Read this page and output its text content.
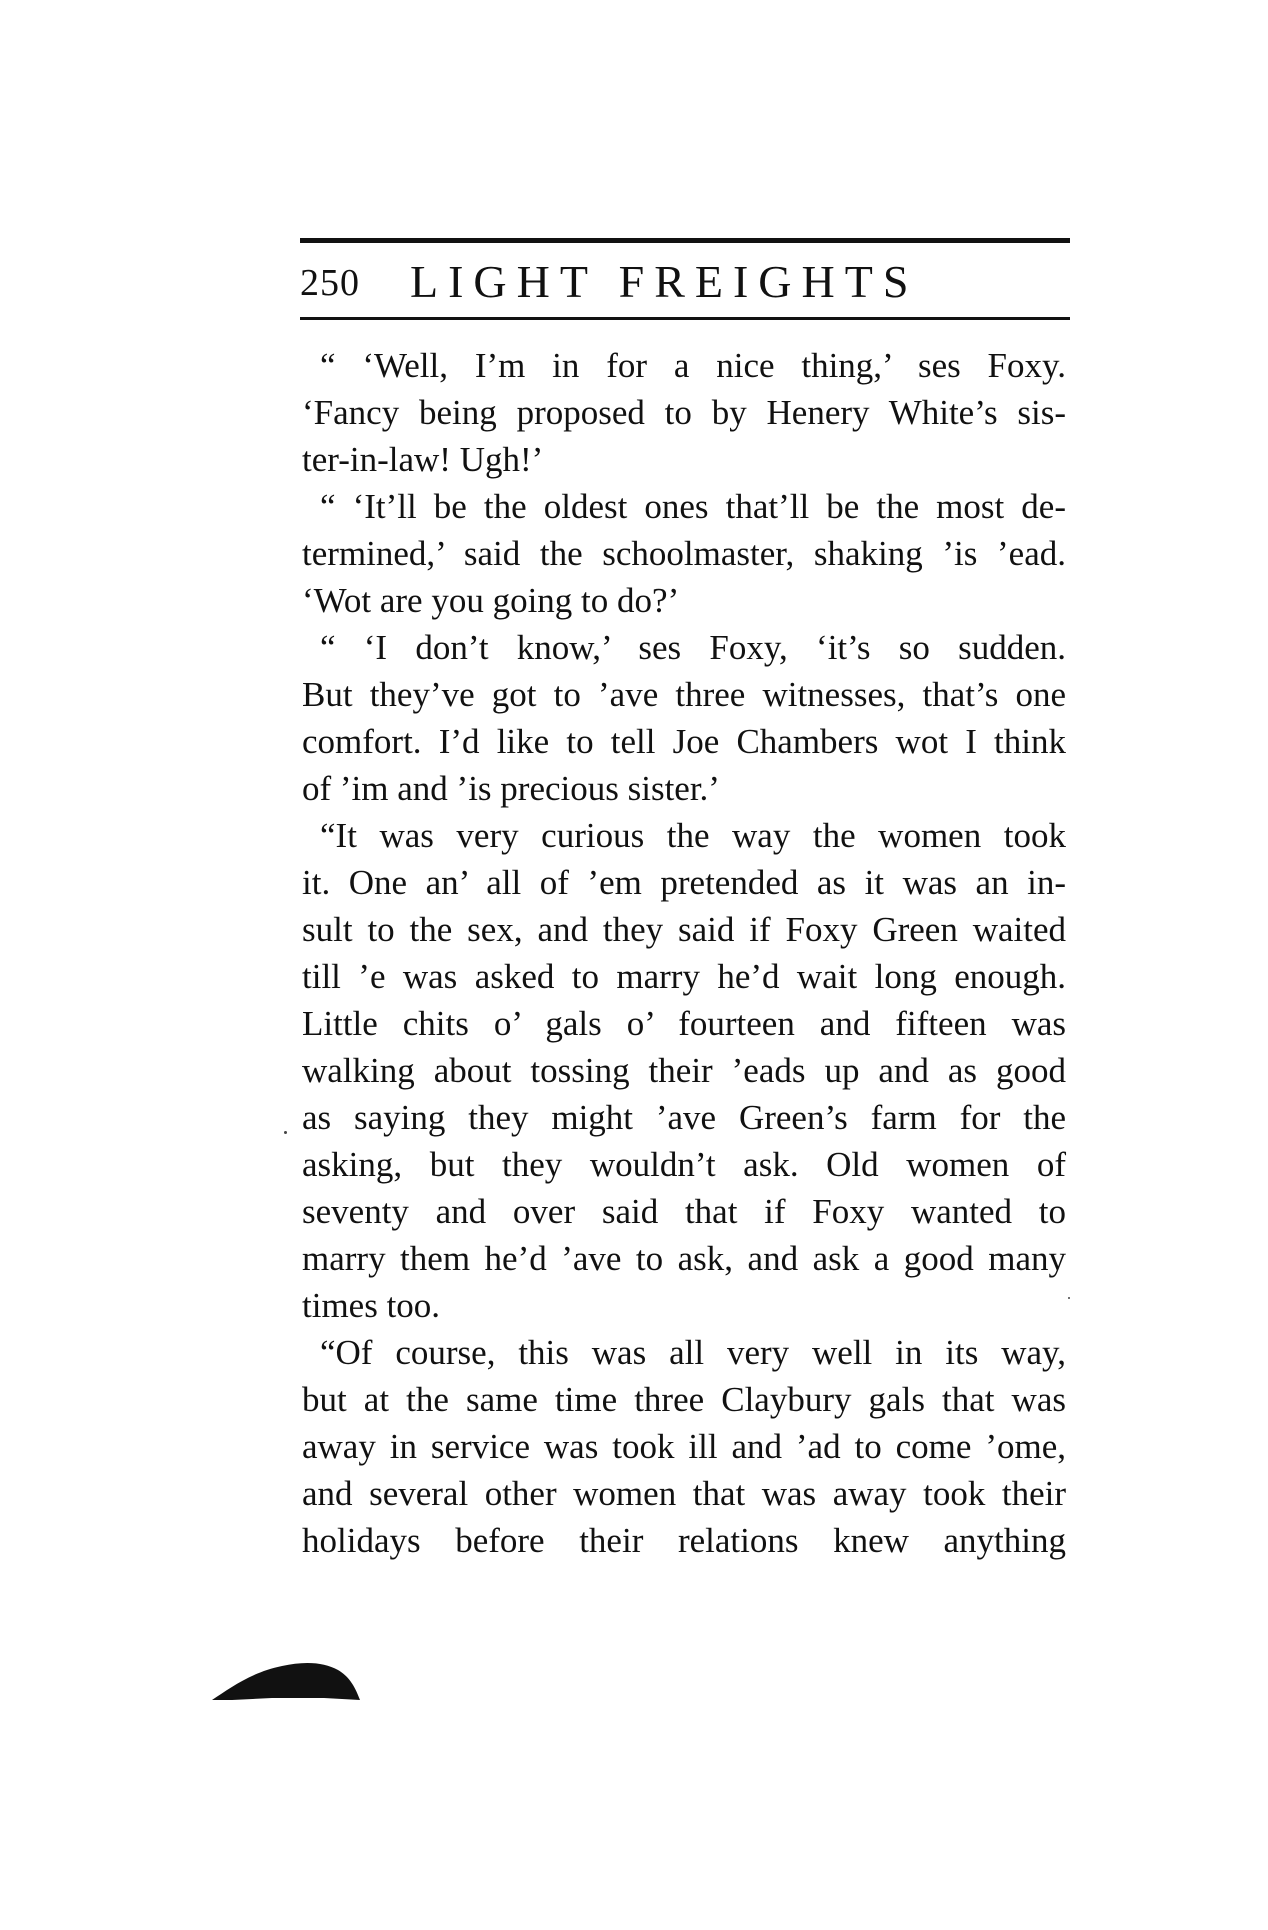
250 LIGHT FREIGHTS
“ ‘Well, I’m in for a nice thing,’ ses Foxy.
‘Fancy being proposed to by Henery White’s sis-
ter-in-law! Ugh!’
“ ‘It’ll be the oldest ones that’ll be the most de-
termined,’ said the schoolmaster, shaking ’is ’ead.
‘Wot are you going to do?’
“ ‘I don’t know,’ ses Foxy, ‘it’s so sudden.
But they’ve got to ’ave three witnesses, that’s one
comfort. I’d like to tell Joe Chambers wot I think
of ’im and ’is precious sister.’
“It was very curious the way the women took
it. One an’ all of ’em pretended as it was an in-
sult to the sex, and they said if Foxy Green waited
till ’e was asked to marry he’d wait long enough.
Little chits o’ gals o’ fourteen and fifteen was
walking about tossing their ’eads up and as good
as saying they might ’ave Green’s farm for the
asking, but they wouldn’t ask. Old women of
seventy and over said that if Foxy wanted to
marry them he’d ’ave to ask, and ask a good many
times too.
“Of course, this was all very well in its way,
but at the same time three Claybury gals that was
away in service was took ill and ’ad to come ’ome,
and several other women that was away took their
holidays before their relations knew anything
